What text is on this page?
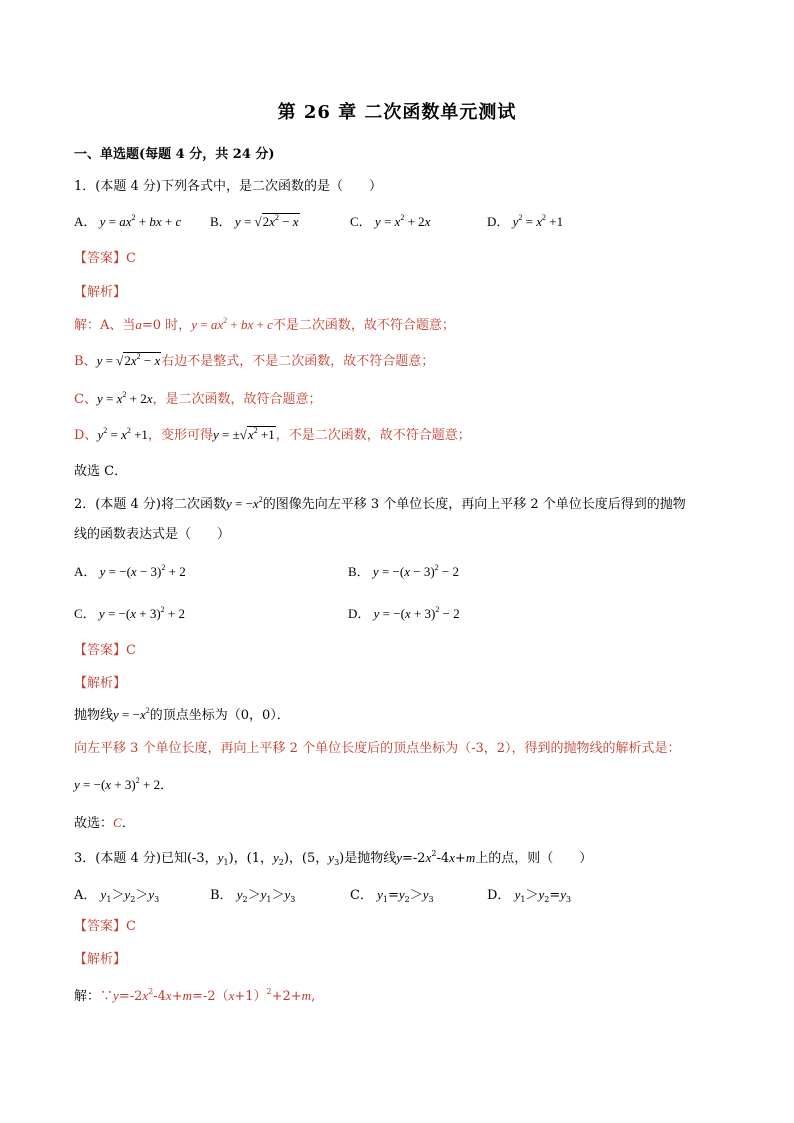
第 26 章 二次函数单元测试
一、单选题(每题 4 分，共 24 分)
1．(本题 4 分)下列各式中，是二次函数的是（　　）
A． $y = ax^2$ + bx + c B． $y = √2x^2 - x$	C． $y = x^2 + 2x$	D． $y^2 = x^2 +1$
【答案】C
【解析】
解：A、当a=0 时，$y = ax^2$ + bx + c不是二次函数，故不符合题意；
B、$y = √2x^2 - x$右边不是整式，不是二次函数，故不符合题意；
C、$y = x^2 + 2x$，是二次函数，故符合题意；
D、$y^2 = x^2 +1$，变形可得$y = \pm√x^2 +1$，不是二次函数，故不符合题意；
故选 C．
2．(本题 4 分)将二次函数$y = -x^2$的图像先向左平移 3 个单位长度，再向上平移 2 个单位长度后得到的抛物
线的函数表达式是（　　）
A． $y = -(x - 3)^2 + 2$	B． $y = -(x - 3)^2 - 2$
C． $y = -(x + 3)^2 + 2$	D． $y = -(x + 3)^2 - 2$
【答案】C
【解析】
抛物线$y = -x^2$的顶点坐标为（0，0）．
向左平移 3 个单位长度，再向上平移 2 个单位长度后的顶点坐标为（-3，2），得到的抛物线的解析式是：
$y = -(x + 3)^2 + 2$．
故选：C．
3．(本题 4 分)已知(-3，$y_1$)，(1，$y_2$)，(5，$y_3$)是抛物线$y=-2x^2-4x+m$上的点，则（　　）
A． $y_1>y_2>y_3$	B． $y_2>y_1>y_3$	C． $y_1=y_2>y_3$	D． $y_1>y_2=y_3$
【答案】C
【解析】
解：$\because y=-2x^2-4x+m=-2(x+1)^2+2+m$,
